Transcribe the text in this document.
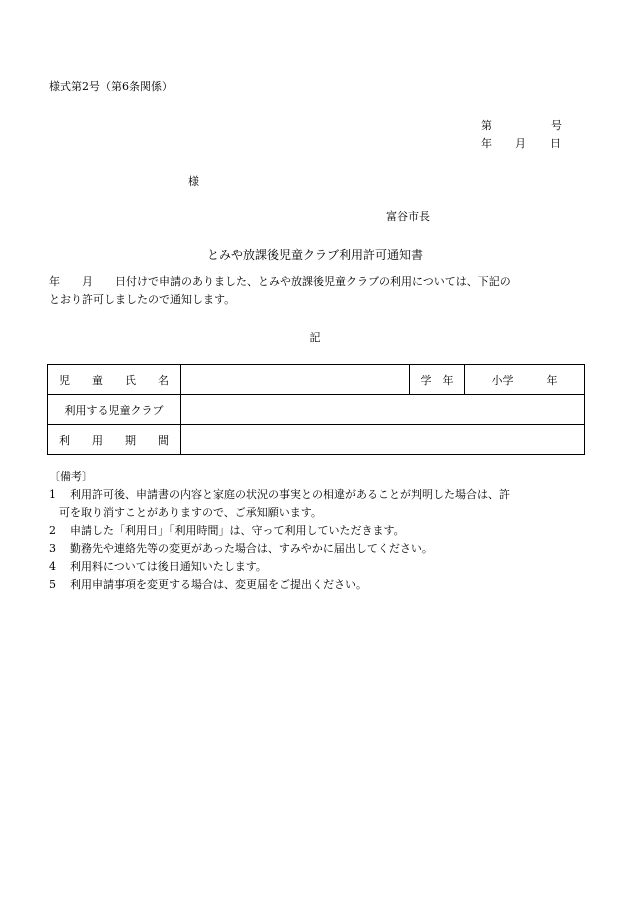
様式第2号（第6条関係）
第	号
年 月 日
様
富谷市長
とみや放課後児童クラブ利用許可通知書
年　　月　　日付けで申請のありました、とみや放課後児童クラブの利用については、下記の
とおり許可しましたので通知します。
記
児　　童　　氏　　名		学　年	小学　　　年
利用する児童クラブ			
利　　用　　期　　間			
〔備考〕
1 利用許可後、申請書の内容と家庭の状況の事実との相違があることが判明した場合は、許
可を取り消すことがありますので、ご承知願います。
2 申請した「利用日」「利用時間」は、守って利用していただきます。
3 勤務先や連絡先等の変更があった場合は、すみやかに届出してください。
4 利用料については後日通知いたします。
5 利用申請事項を変更する場合は、変更届をご提出ください。
